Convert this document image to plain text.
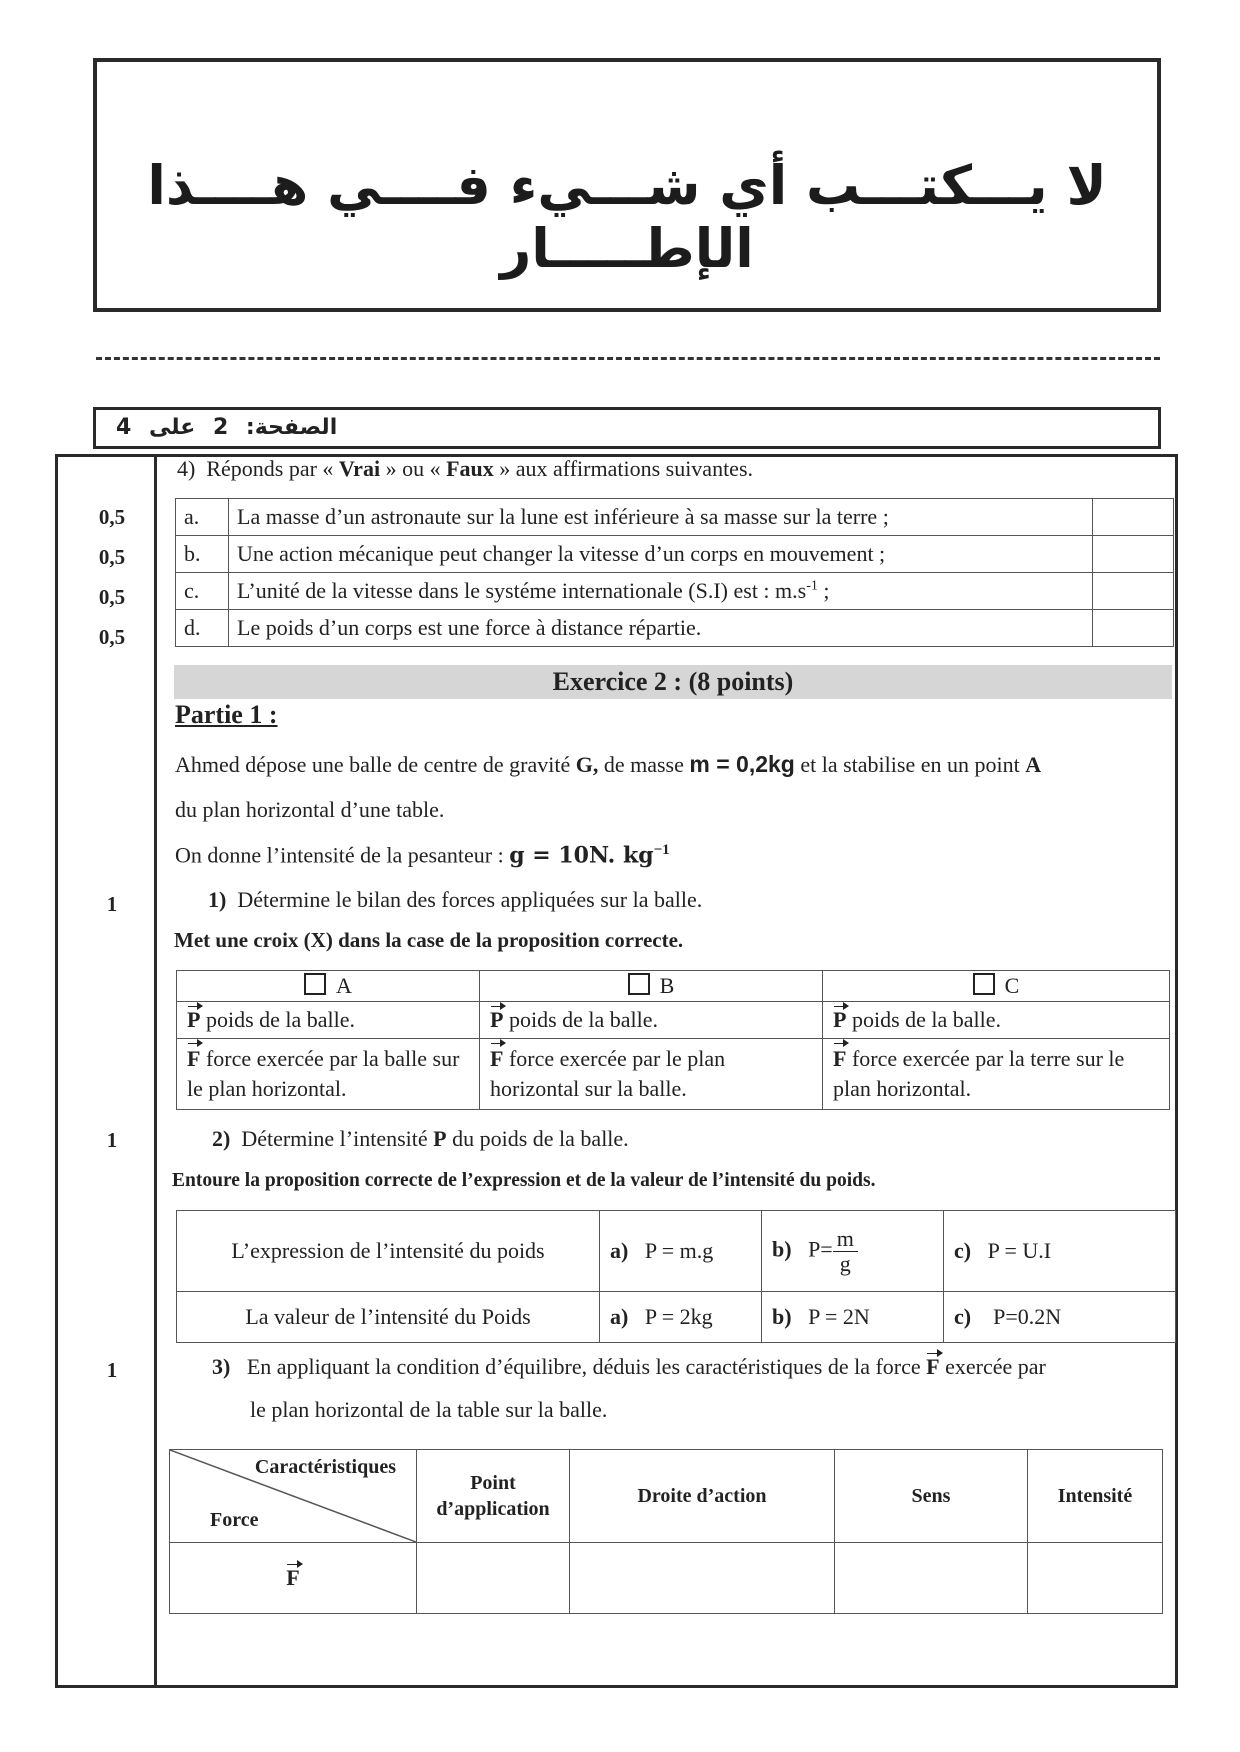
لا يـــكتـــب أي شـــيء فــــي هــــذا الإطـــــار
الصفحة: 2 على 4
4) Réponds par « Vrai » ou « Faux » aux affirmations suivantes.
0,5
0,5
0,5
0,5
a.	La masse d’un astronaute sur la lune est inférieure à sa masse sur la terre ;	
b.	Une action mécanique peut changer la vitesse d’un corps en mouvement ;	
c.	L’unité de la vitesse dans le systéme internationale (S.I) est : $m.s^{-1}$ ;	
d.	Le poids d’un corps est une force à distance répartie.	
Exercice 2 : (8 points)
Partie 1 :
Ahmed dépose une balle de centre de gravité G, de masse m = 0,2kg et la stabilise en un point A
du plan horizontal d’une table.
On donne l’intensité de la pesanteur : g = 10N. $kg^{-1}$
1	1) Détermine le bilan des forces appliquées sur la balle.
Met une croix (X) dans la case de la proposition correcte.
A	B	C
P poids de la balle.	P poids de la balle.	P poids de la balle.
F force exercée par la balle sur le plan horizontal.	F force exercée par le plan horizontal sur la balle.	F force exercée par la terre sur le plan horizontal.
1	2) Détermine l’intensité P du poids de la balle.
Entoure la proposition correcte de l’expression et de la valeur de l’intensité du poids.
L’expression de l’intensité du poids	a) P = m.g	b) $P= \frac{m}{g}$	c) P = U.I
La valeur de l’intensité du Poids	a) P = 2kg	b) P = 2N	c) P=0.2N
1	3) En appliquant la condition d’équilibre, déduis les caractéristiques de la force F exercée par
le plan horizontal de la table sur la balle.
Caractéristiques
Force	Point d’application	Droite d’action	Sens	Intensité
F				
